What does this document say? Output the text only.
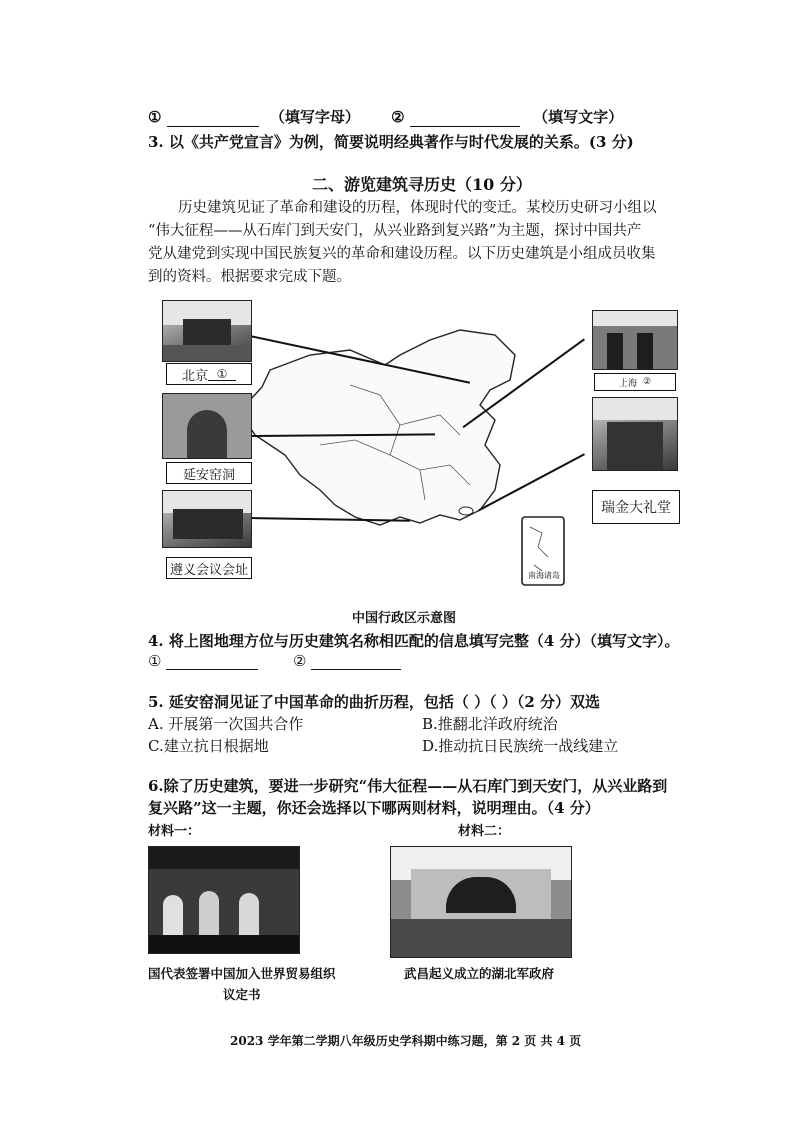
①	（填写字母） ②	（填写文字）
3. 以《共产党宣言》为例，简要说明经典著作与时代发展的关系。(3 分)
二、游览建筑寻历史（10 分）
历史建筑见证了革命和建设的历程，体现时代的变迁。某校历史研习小组以
“伟大征程——从石库门到天安门，从兴业路到复兴路”为主题，探讨中国共产
党从建党到实现中国民族复兴的革命和建设历程。以下历史建筑是小组成员收集
到的资料。根据要求完成下题。
南海诸岛
北京 ①
延安窑洞
遵义会议会址
上海 ②
瑞金大礼堂
中国行政区示意图
4. 将上图地理方位与历史建筑名称相匹配的信息填写完整（4 分）（填写文字）。
①	②
5. 延安窑洞见证了中国革命的曲折历程，包括（ ）（ ）（2 分）双选
A. 开展第一次国共合作	B.推翻北洋政府统治
C.建立抗日根据地	D.推动抗日民族统一战线建立
6.除了历史建筑，要进一步研究“伟大征程——从石库门到天安门，从兴业路到
复兴路”这一主题，你还会选择以下哪两则材料，说明理由。（4 分）
材料一：	材料二：
国代表签署中国加入世界贸易组织
议定书
武昌起义成立的湖北军政府
2023 学年第二学期八年级历史学科期中练习题，第 2 页 共 4 页
